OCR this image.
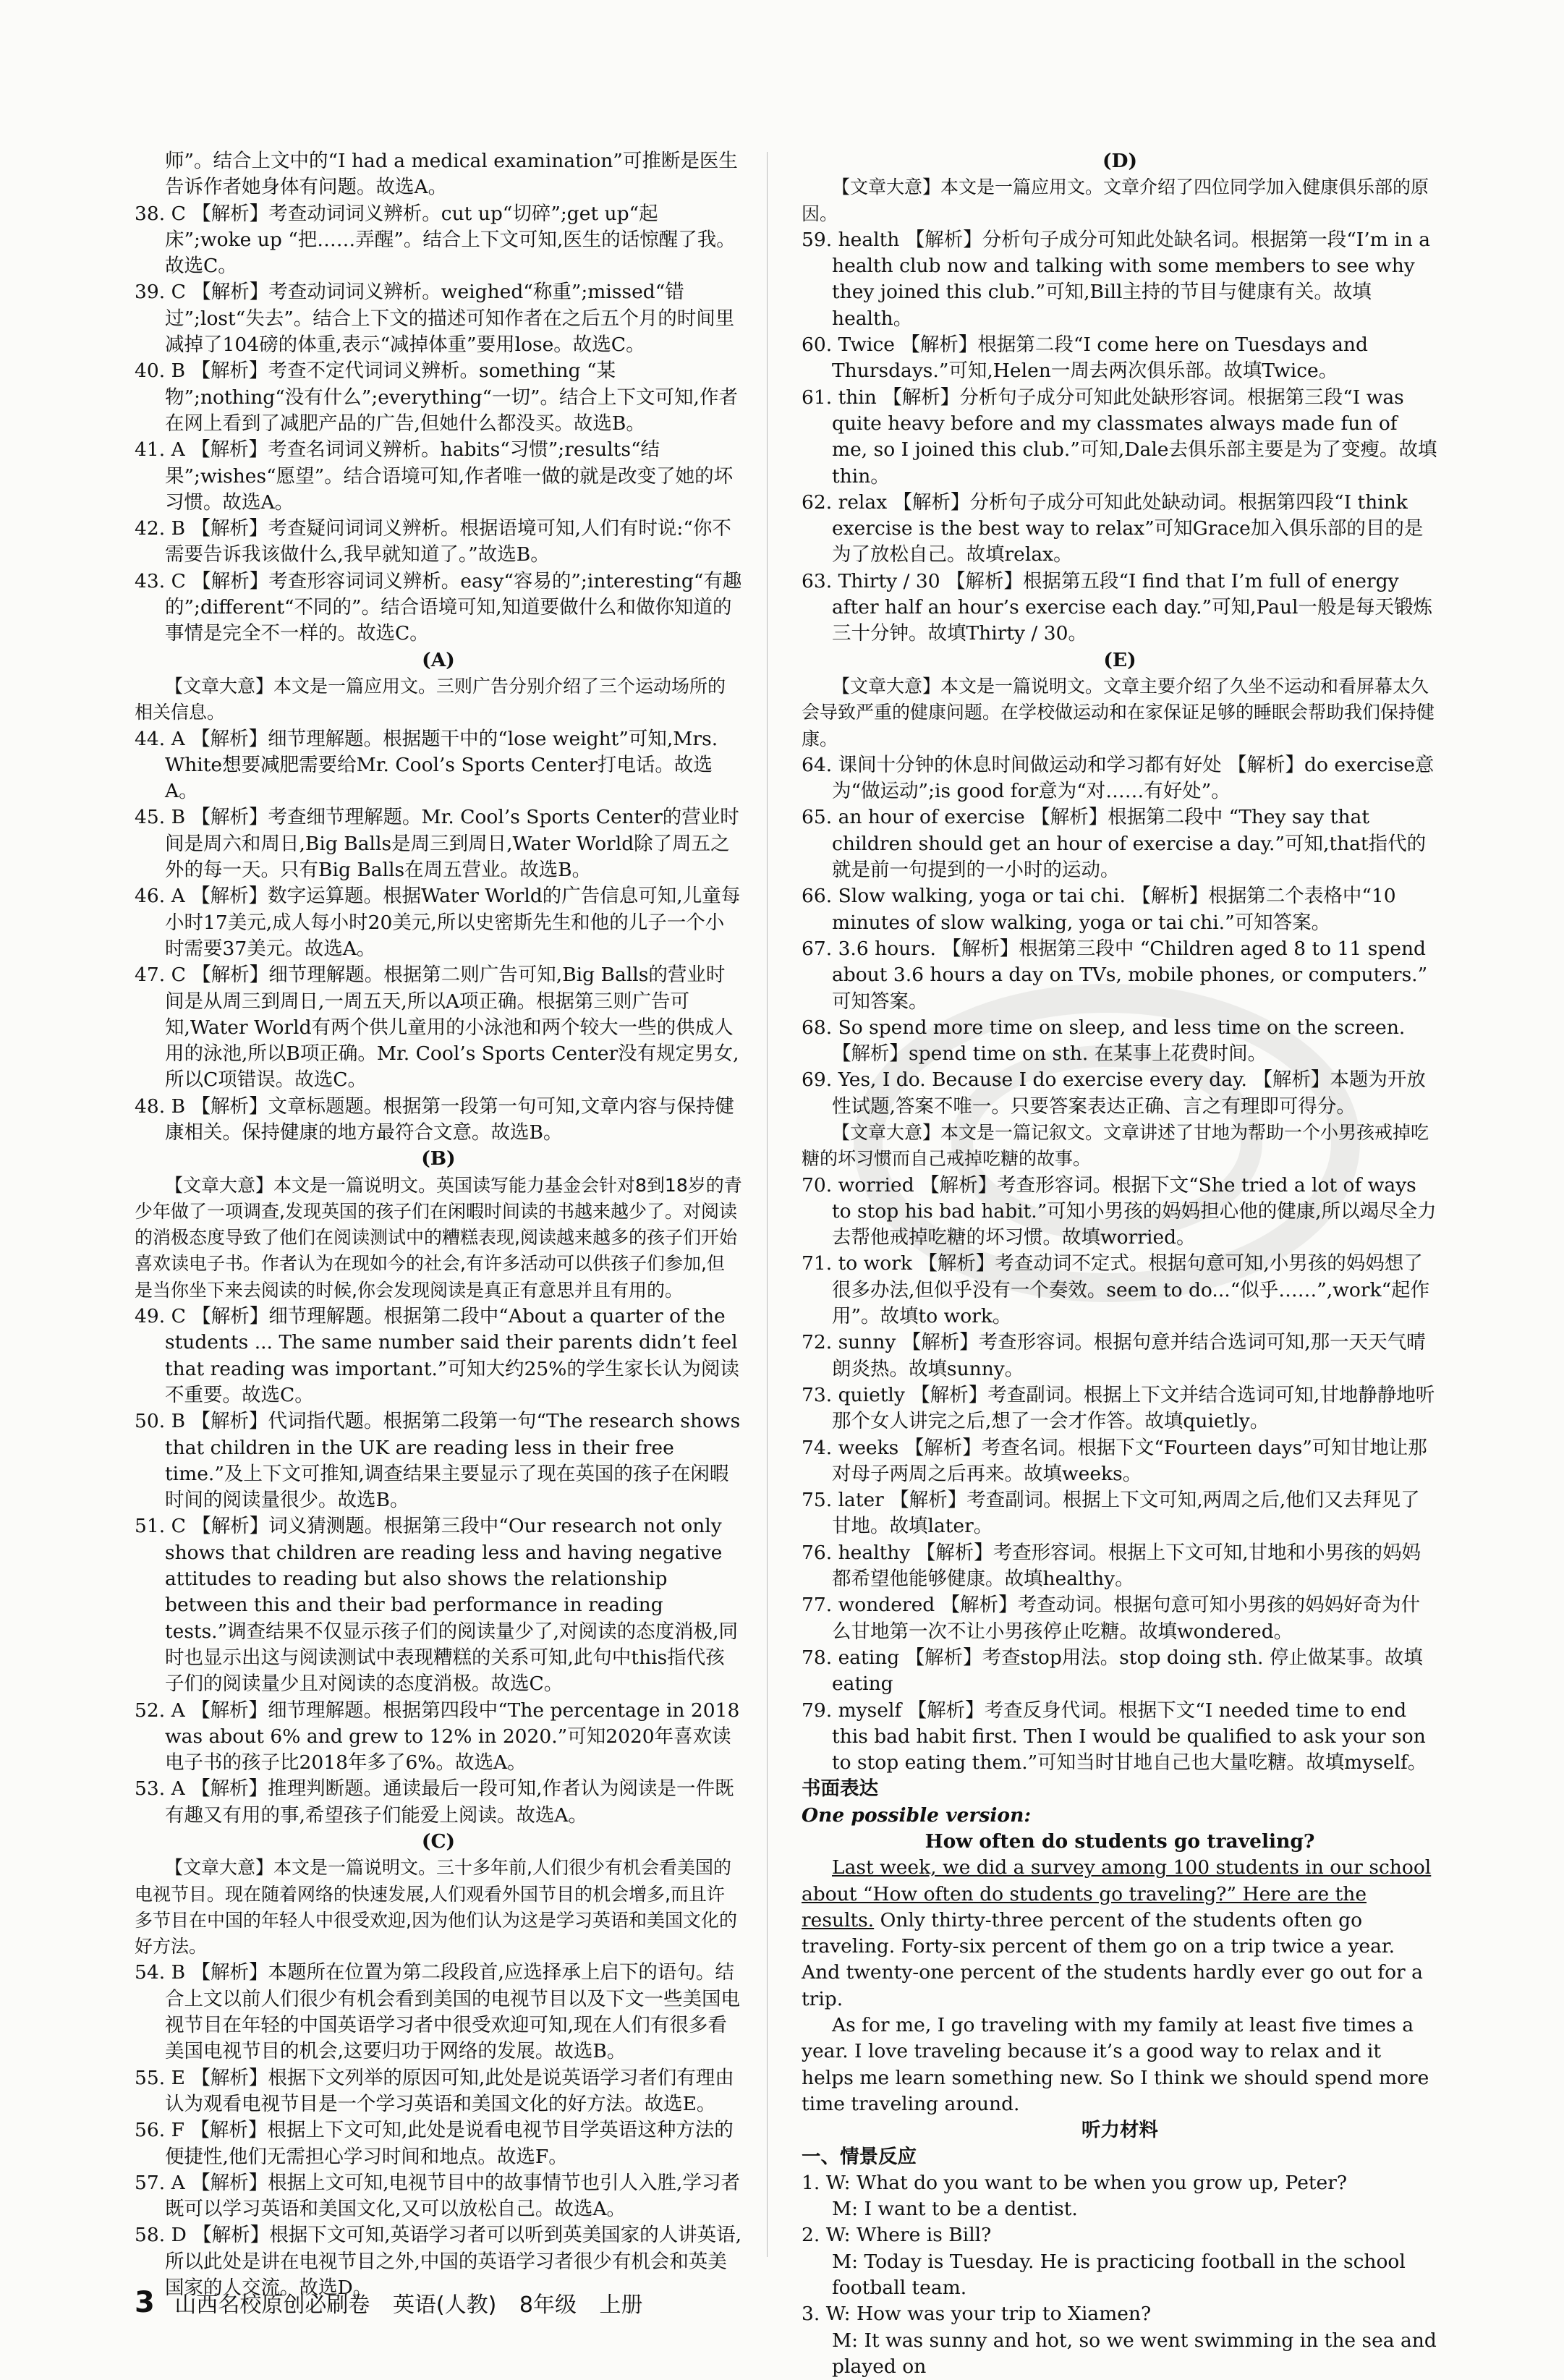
师”。结合上文中的“I had a medical examination”可推断是医生告诉作者她身体有问题。故选A。

38. C 【解析】考查动词词义辨析。cut up“切碎”;get up“起床”;woke up “把……弄醒”。结合上下文可知,医生的话惊醒了我。故选C。

39. C 【解析】考查动词词义辨析。weighed“称重”;missed“错过”;lost“失去”。结合上下文的描述可知作者在之后五个月的时间里减掉了104磅的体重,表示“减掉体重”要用lose。故选C。

40. B 【解析】考查不定代词词义辨析。something “某物”;nothing“没有什么”;everything“一切”。结合上下文可知,作者在网上看到了减肥产品的广告,但她什么都没买。故选B。

41. A 【解析】考查名词词义辨析。habits“习惯”;results“结果”;wishes“愿望”。结合语境可知,作者唯一做的就是改变了她的坏习惯。故选A。

42. B 【解析】考查疑问词词义辨析。根据语境可知,人们有时说:“你不需要告诉我该做什么,我早就知道了。”故选B。

43. C 【解析】考查形容词词义辨析。easy“容易的”;interesting“有趣的”;different“不同的”。结合语境可知,知道要做什么和做你知道的事情是完全不一样的。故选C。

(A)

【文章大意】本文是一篇应用文。三则广告分别介绍了三个运动场所的相关信息。

44. A 【解析】细节理解题。根据题干中的“lose weight”可知,Mrs. White想要减肥需要给Mr. Cool’s Sports Center打电话。故选A。

45. B 【解析】考查细节理解题。Mr. Cool’s Sports Center的营业时间是周六和周日,Big Balls是周三到周日,Water World除了周五之外的每一天。只有Big Balls在周五营业。故选B。

46. A 【解析】数字运算题。根据Water World的广告信息可知,儿童每小时17美元,成人每小时20美元,所以史密斯先生和他的儿子一个小时需要37美元。故选A。

47. C 【解析】细节理解题。根据第二则广告可知,Big Balls的营业时间是从周三到周日,一周五天,所以A项正确。根据第三则广告可知,Water World有两个供儿童用的小泳池和两个较大一些的供成人用的泳池,所以B项正确。Mr. Cool’s Sports Center没有规定男女,所以C项错误。故选C。

48. B 【解析】文章标题题。根据第一段第一句可知,文章内容与保持健康相关。保持健康的地方最符合文意。故选B。

(B)

【文章大意】本文是一篇说明文。英国读写能力基金会针对8到18岁的青少年做了一项调查,发现英国的孩子们在闲暇时间读的书越来越少了。对阅读的消极态度导致了他们在阅读测试中的糟糕表现,阅读越来越多的孩子们开始喜欢读电子书。作者认为在现如今的社会,有许多活动可以供孩子们参加,但是当你坐下来去阅读的时候,你会发现阅读是真正有意思并且有用的。

49. C 【解析】细节理解题。根据第二段中“About a quarter of the students ... The same number said their parents didn’t feel that reading was important.”可知大约25%的学生家长认为阅读不重要。故选C。

50. B 【解析】代词指代题。根据第二段第一句“The research shows that children in the UK are reading less in their free time.”及上下文可推知,调查结果主要显示了现在英国的孩子在闲暇时间的阅读量很少。故选B。

51. C 【解析】词义猜测题。根据第三段中“Our research not only shows that children are reading less and having negative attitudes to reading but also shows the relationship between this and their bad performance in reading tests.”调查结果不仅显示孩子们的阅读量少了,对阅读的态度消极,同时也显示出这与阅读测试中表现糟糕的关系可知,此句中this指代孩子们的阅读量少且对阅读的态度消极。故选C。

52. A 【解析】细节理解题。根据第四段中“The percentage in 2018 was about 6% and grew to 12% in 2020.”可知2020年喜欢读电子书的孩子比2018年多了6%。故选A。

53. A 【解析】推理判断题。通读最后一段可知,作者认为阅读是一件既有趣又有用的事,希望孩子们能爱上阅读。故选A。

(C)

【文章大意】本文是一篇说明文。三十多年前,人们很少有机会看美国的电视节目。现在随着网络的快速发展,人们观看外国节目的机会增多,而且许多节目在中国的年轻人中很受欢迎,因为他们认为这是学习英语和美国文化的好方法。

54. B 【解析】本题所在位置为第二段段首,应选择承上启下的语句。结合上文以前人们很少有机会看到美国的电视节目以及下文一些美国电视节目在年轻的中国英语学习者中很受欢迎可知,现在人们有很多看美国电视节目的机会,这要归功于网络的发展。故选B。

55. E 【解析】根据下文列举的原因可知,此处是说英语学习者们有理由认为观看电视节目是一个学习英语和美国文化的好方法。故选E。

56. F 【解析】根据上下文可知,此处是说看电视节目学英语这种方法的便捷性,他们无需担心学习时间和地点。故选F。

57. A 【解析】根据上文可知,电视节目中的故事情节也引人入胜,学习者既可以学习英语和美国文化,又可以放松自己。故选A。

58. D 【解析】根据下文可知,英语学习者可以听到英美国家的人讲英语,所以此处是讲在电视节目之外,中国的英语学习者很少有机会和英美国家的人交流。故选D。

(D)

【文章大意】本文是一篇应用文。文章介绍了四位同学加入健康俱乐部的原因。

59. health 【解析】分析句子成分可知此处缺名词。根据第一段“I’m in a health club now and talking with some members to see why they joined this club.”可知,Bill主持的节目与健康有关。故填health。

60. Twice 【解析】根据第二段“I come here on Tuesdays and Thursdays.”可知,Helen一周去两次俱乐部。故填Twice。

61. thin 【解析】分析句子成分可知此处缺形容词。根据第三段“I was quite heavy before and my classmates always made fun of me, so I joined this club.”可知,Dale去俱乐部主要是为了变瘦。故填thin。

62. relax 【解析】分析句子成分可知此处缺动词。根据第四段“I think exercise is the best way to relax”可知Grace加入俱乐部的目的是为了放松自己。故填relax。

63. Thirty / 30 【解析】根据第五段“I find that I’m full of energy after half an hour’s exercise each day.”可知,Paul一般是每天锻炼三十分钟。故填Thirty / 30。

(E)

【文章大意】本文是一篇说明文。文章主要介绍了久坐不运动和看屏幕太久会导致严重的健康问题。在学校做运动和在家保证足够的睡眠会帮助我们保持健康。

64. 课间十分钟的休息时间做运动和学习都有好处 【解析】do exercise意为“做运动”;is good for意为“对……有好处”。

65. an hour of exercise 【解析】根据第二段中 “They say that children should get an hour of exercise a day.”可知,that指代的就是前一句提到的一小时的运动。

66. Slow walking, yoga or tai chi. 【解析】根据第二个表格中“10 minutes of slow walking, yoga or tai chi.”可知答案。

67. 3.6 hours. 【解析】根据第三段中 “Children aged 8 to 11 spend about 3.6 hours a day on TVs, mobile phones, or computers.” 可知答案。

68. So spend more time on sleep, and less time on the screen. 【解析】spend time on sth. 在某事上花费时间。

69. Yes, I do. Because I do exercise every day. 【解析】本题为开放性试题,答案不唯一。只要答案表达正确、言之有理即可得分。

【文章大意】本文是一篇记叙文。文章讲述了甘地为帮助一个小男孩戒掉吃糖的坏习惯而自己戒掉吃糖的故事。

70. worried 【解析】考查形容词。根据下文“She tried a lot of ways to stop his bad habit.”可知小男孩的妈妈担心他的健康,所以竭尽全力去帮他戒掉吃糖的坏习惯。故填worried。

71. to work 【解析】考查动词不定式。根据句意可知,小男孩的妈妈想了很多办法,但似乎没有一个奏效。seem to do...“似乎……”,work“起作用”。故填to work。

72. sunny 【解析】考查形容词。根据句意并结合选词可知,那一天天气晴朗炎热。故填sunny。

73. quietly 【解析】考查副词。根据上下文并结合选词可知,甘地静静地听那个女人讲完之后,想了一会才作答。故填quietly。

74. weeks 【解析】考查名词。根据下文“Fourteen days”可知甘地让那对母子两周之后再来。故填weeks。

75. later 【解析】考查副词。根据上下文可知,两周之后,他们又去拜见了甘地。故填later。

76. healthy 【解析】考查形容词。根据上下文可知,甘地和小男孩的妈妈都希望他能够健康。故填healthy。

77. wondered 【解析】考查动词。根据句意可知小男孩的妈妈好奇为什么甘地第一次不让小男孩停止吃糖。故填wondered。

78. eating 【解析】考查stop用法。stop doing sth. 停止做某事。故填eating

79. myself 【解析】考查反身代词。根据下文“I needed time to end this bad habit first. Then I would be qualified to ask your son to stop eating them.”可知当时甘地自己也大量吃糖。故填myself。

书面表达

One possible version:

How often do students go traveling?

Last week, we did a survey among 100 students in our school about “How often do students go traveling?” Here are the results. Only thirty-three percent of the students often go traveling. Forty-six percent of them go on a trip twice a year. And twenty-one percent of the students hardly ever go out for a trip.

As for me, I go traveling with my family at least five times a year. I love traveling because it’s a good way to relax and it helps me learn something new. So I think we should spend more time traveling around.

听力材料

一、情景反应

1. W: What do you want to be when you grow up, Peter?

M: I want to be a dentist.

2. W: Where is Bill?

M: Today is Tuesday. He is practicing football in the school football team.

3. W: How was your trip to Xiamen?

M: It was sunny and hot, so we went swimming in the sea and played on

3 山西名校原创必刷卷 英语(人教) 8年级 上册
